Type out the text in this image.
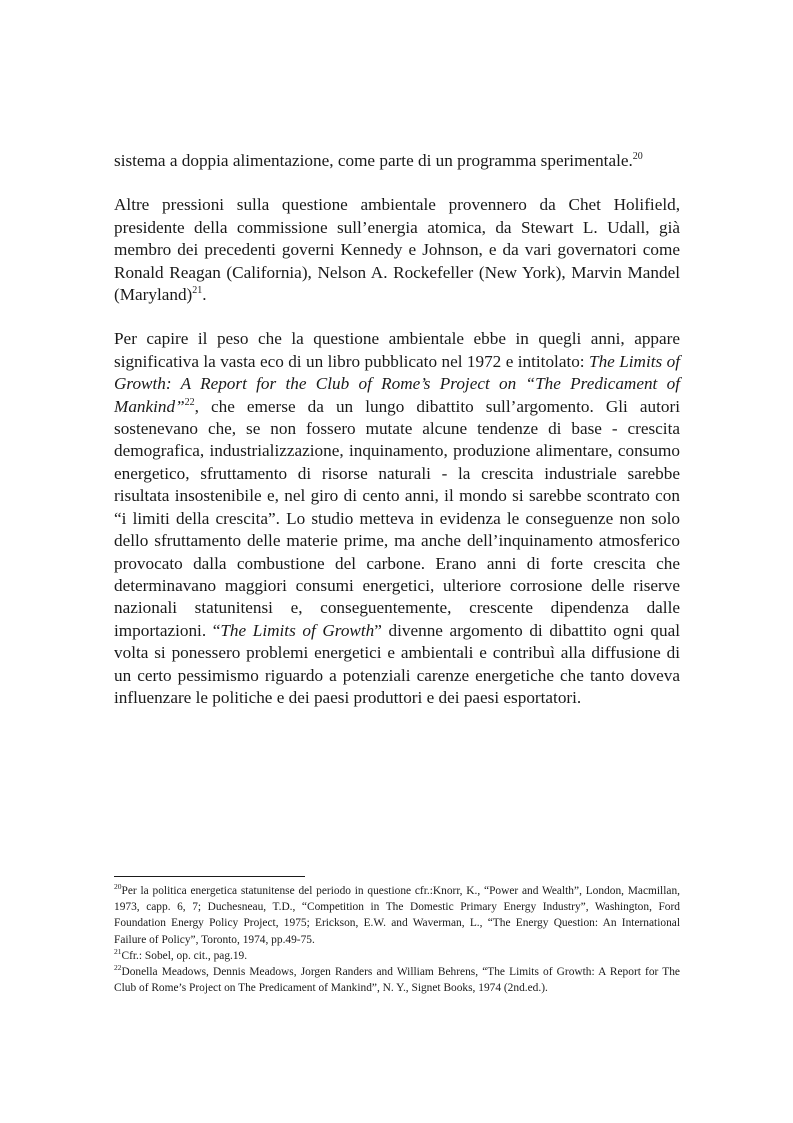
sistema a doppia alimentazione, come parte di un programma sperimentale.$^{20}$

Altre pressioni sulla questione ambientale provennero da Chet Holifield, presidente della commissione sull’energia atomica, da Stewart L. Udall, già membro dei precedenti governi Kennedy e Johnson, e da vari governatori come Ronald Reagan (California), Nelson A. Rockefeller (New York), Marvin Mandel (Maryland)$^{21}$.

Per capire il peso che la questione ambientale ebbe in quegli anni, appare significativa la vasta eco di un libro pubblicato nel 1972 e intitolato: The Limits of Growth: A Report for the Club of Rome’s Project on “The Predicament of Mankind”$^{22}$, che emerse da un lungo dibattito sull’argomento. Gli autori sostenevano che, se non fossero mutate alcune tendenze di base - crescita demografica, industrializzazione, inquinamento, produzione alimentare, consumo energetico, sfruttamento di risorse naturali - la crescita industriale sarebbe risultata insostenibile e, nel giro di cento anni, il mondo si sarebbe scontrato con “i limiti della crescita”. Lo studio metteva in evidenza le conseguenze non solo dello sfruttamento delle materie prime, ma anche dell’inquinamento atmosferico provocato dalla combustione del carbone. Erano anni di forte crescita che determinavano maggiori consumi energetici, ulteriore corrosione delle riserve nazionali statunitensi e, conseguentemente, crescente dipendenza dalle importazioni. “The Limits of Growth” divenne argomento di dibattito ogni qual volta si ponessero problemi energetici e ambientali e contribuì alla diffusione di un certo pessimismo riguardo a potenziali carenze energetiche che tanto doveva influenzare le politiche e dei paesi produttori e dei paesi esportatori.

$^{20}$Per la politica energetica statunitense del periodo in questione cfr.:Knorr, K., “Power and Wealth”, London, Macmillan, 1973, capp. 6, 7; Duchesneau, T.D., “Competition in The Domestic Primary Energy Industry”, Washington, Ford Foundation Energy Policy Project, 1975; Erickson, E.W. and Waverman, L., “The Energy Question: An International Failure of Policy”, Toronto, 1974, pp.49-75.

$^{21}$Cfr.: Sobel, op. cit., pag.19.

$^{22}$Donella Meadows, Dennis Meadows, Jorgen Randers and William Behrens, “The Limits of Growth: A Report for The Club of Rome’s Project on The Predicament of Mankind”, N. Y., Signet Books, 1974 (2nd.ed.).
